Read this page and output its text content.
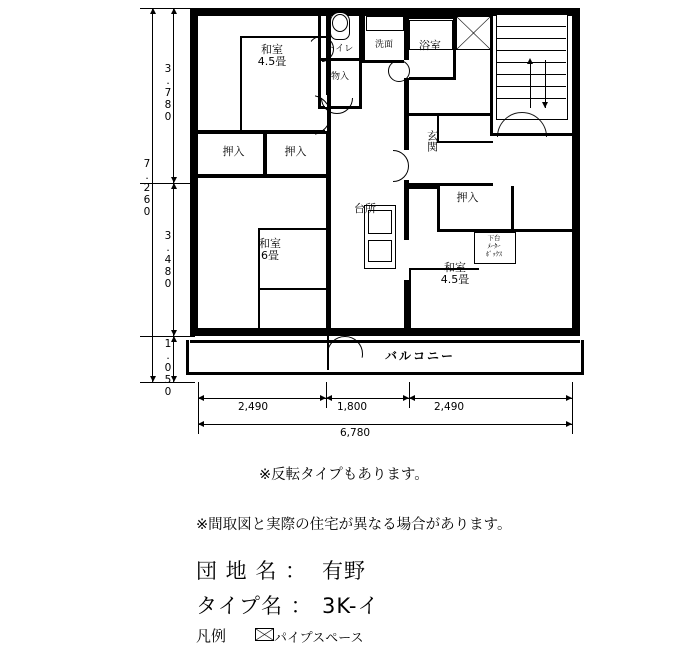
7.260
3.780
3.480
1.050
和室
4.5畳
トイレ	洗面	浴室
物入
押入	押入
押入
台所
玄関
和室
6畳
和室
4.5畳
バルコニー
下台
ﾒｰﾀｰ
ﾎﾞｯｸｽ
2,490	1,800	2,490
6,780
※反転タイプもあります。
※間取図と実際の住宅が異なる場合があります。
団 地 名 ： 有野
タイプ名 ： 3K-イ
凡例	パイプスペース
